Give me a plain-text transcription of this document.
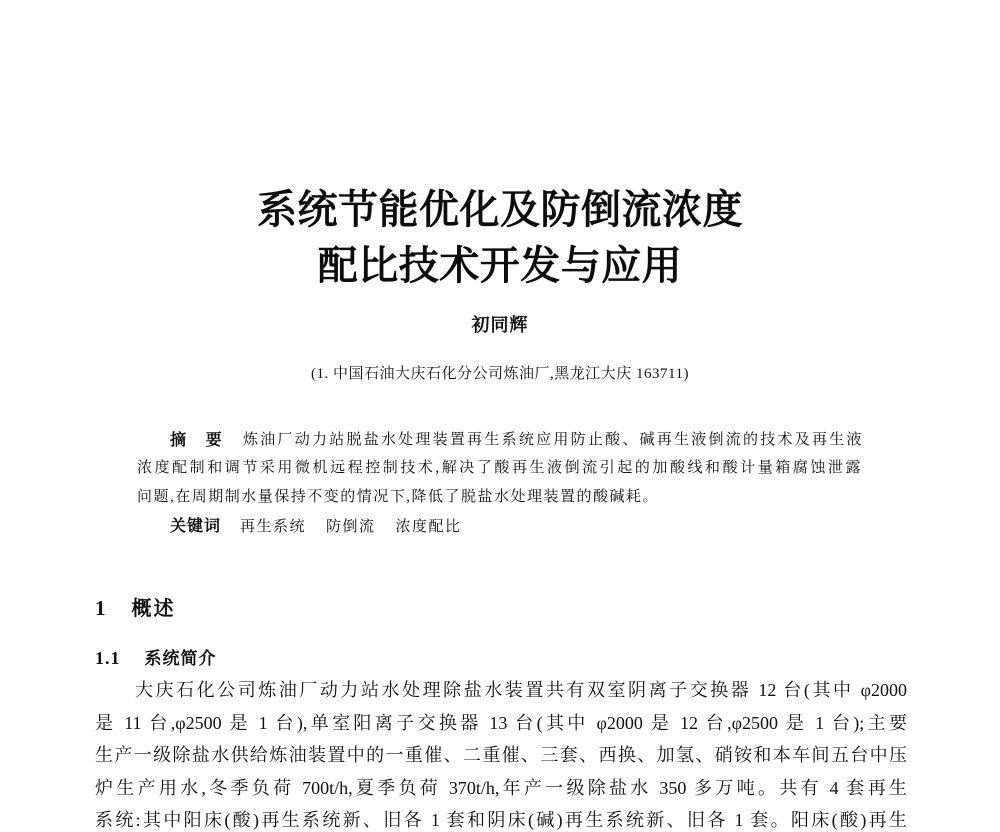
系统节能优化及防倒流浓度
配比技术开发与应用
初同辉
(1. 中国石油大庆石化分公司炼油厂,黑龙江大庆 163711)
摘 要 炼油厂动力站脱盐水处理装置再生系统应用防止酸、碱再生液倒流的技术及再生液
浓度配制和调节采用微机远程控制技术,解决了酸再生液倒流引起的加酸线和酸计量箱腐蚀泄露
问题,在周期制水量保持不变的情况下,降低了脱盐水处理装置的酸碱耗。
关键词 再生系统 防倒流 浓度配比
1 概述
1.1 系统简介
大庆石化公司炼油厂动力站水处理除盐水装置共有双室阴离子交换器 12 台(其中 φ2000
是 11 台,φ2500 是 1 台),单室阳离子交换器 13 台(其中 φ2000 是 12 台,φ2500 是 1 台);主要
生产一级除盐水供给炼油装置中的一重催、二重催、三套、西换、加氢、硝铵和本车间五台中压
炉生产用水,冬季负荷 700t/h,夏季负荷 370t/h,年产一级除盐水 350 多万吨。共有 4 套再生
系统:其中阳床(酸)再生系统新、旧各 1 套和阴床(碱)再生系统新、旧各 1 套。阳床(酸)再生
